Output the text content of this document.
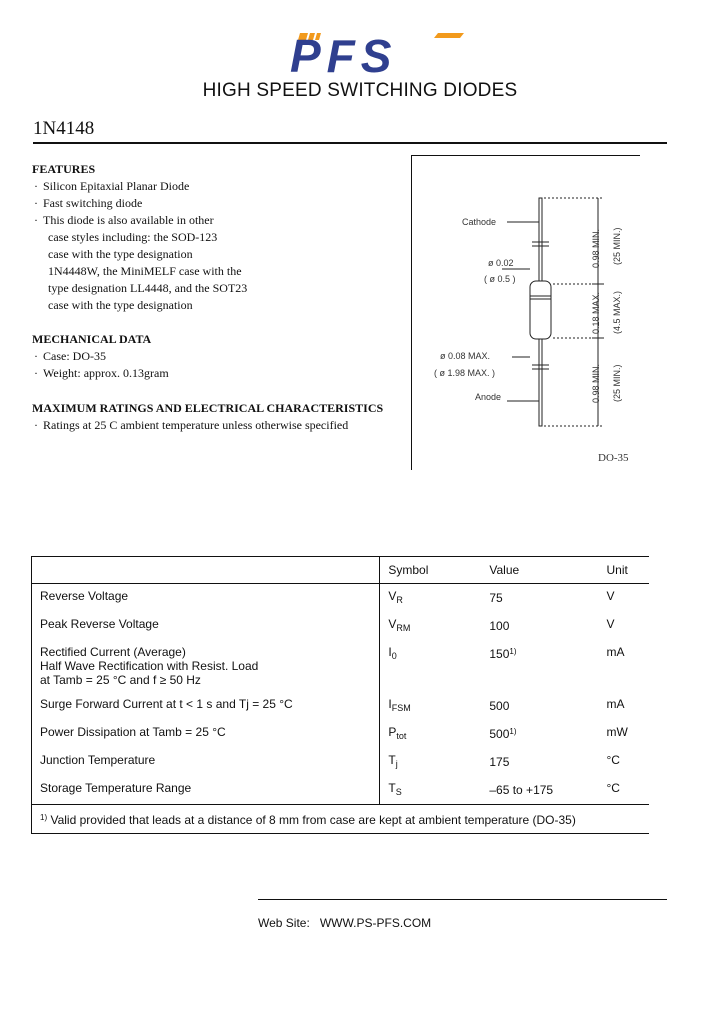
PFS
HIGH SPEED SWITCHING DIODES
1N4148
FEATURES
· Silicon Epitaxial Planar Diode
· Fast switching diode
· This diode is also available in other
case styles including: the SOD-123
case with the type designation
1N4448W, the MiniMELF case with the
type designation LL4448, and the SOT23
case with the type designation
MECHANICAL DATA
· Case: DO-35
· Weight: approx. 0.13gram
MAXIMUM RATINGS AND ELECTRICAL CHARACTERISTICS
· Ratings at 25 C ambient temperature unless otherwise specified
Cathode
ø 0.02
( ø 0.5 )
ø 0.08 MAX.
( ø 1.98 MAX. )
Anode
0.98 MIN. (25 MIN.)
0.18 MAX. (4.5 MAX.)
0.98 MIN. (25 MIN.)
DO-35
	Symbol	Value	Unit

Reverse Voltage	$V_R$	75	V

Peak Reverse Voltage	$V_{RM}$	100	V

Rectified Current (Average)
Half Wave Rectification with Resist. Load
at Tamb = 25 °C and f ≥ 50 Hz	$I_0$	150$^{1)}$	mA

Surge Forward Current at t < 1 s and Tj = 25 °C	$I_{FSM}$	500	mA

Power Dissipation at Tamb = 25 °C	$P_{tot}$	500$^{1)}$	mW

Junction Temperature	$T_j$	175	°C

Storage Temperature Range	$T_S$	–65 to +175	°C
$^{1)}$ Valid provided that leads at a distance of 8 mm from case are kept at ambient temperature (DO-35)			
Web Site: WWW.PS-PFS.COM
